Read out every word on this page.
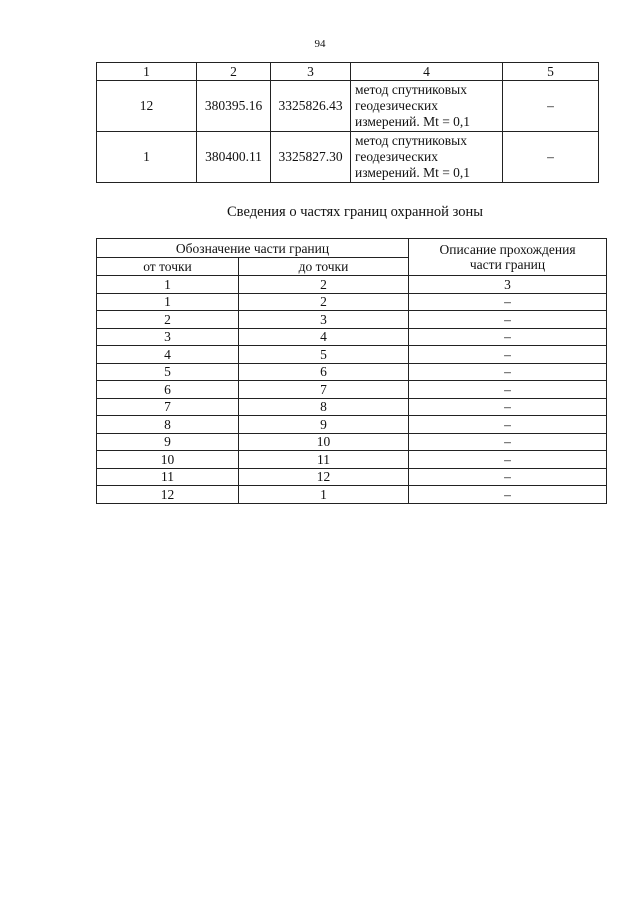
94
1	2	3	4	5
12	380395.16	3325826.43	метод спутниковых
геодезических
измерений. Mt = 0,1	–
1	380400.11	3325827.30	метод спутниковых
геодезических
измерений. Mt = 0,1	–
Сведения о частях границ охранной зоны
Обозначение части границ		Описание прохождения
части границ

от точки	до точки	
1	2	3
1	2	–
2	3	–
3	4	–
4	5	–
5	6	–
6	7	–
7	8	–
8	9	–
9	10	–
10	11	–
11	12	–
12	1	–
